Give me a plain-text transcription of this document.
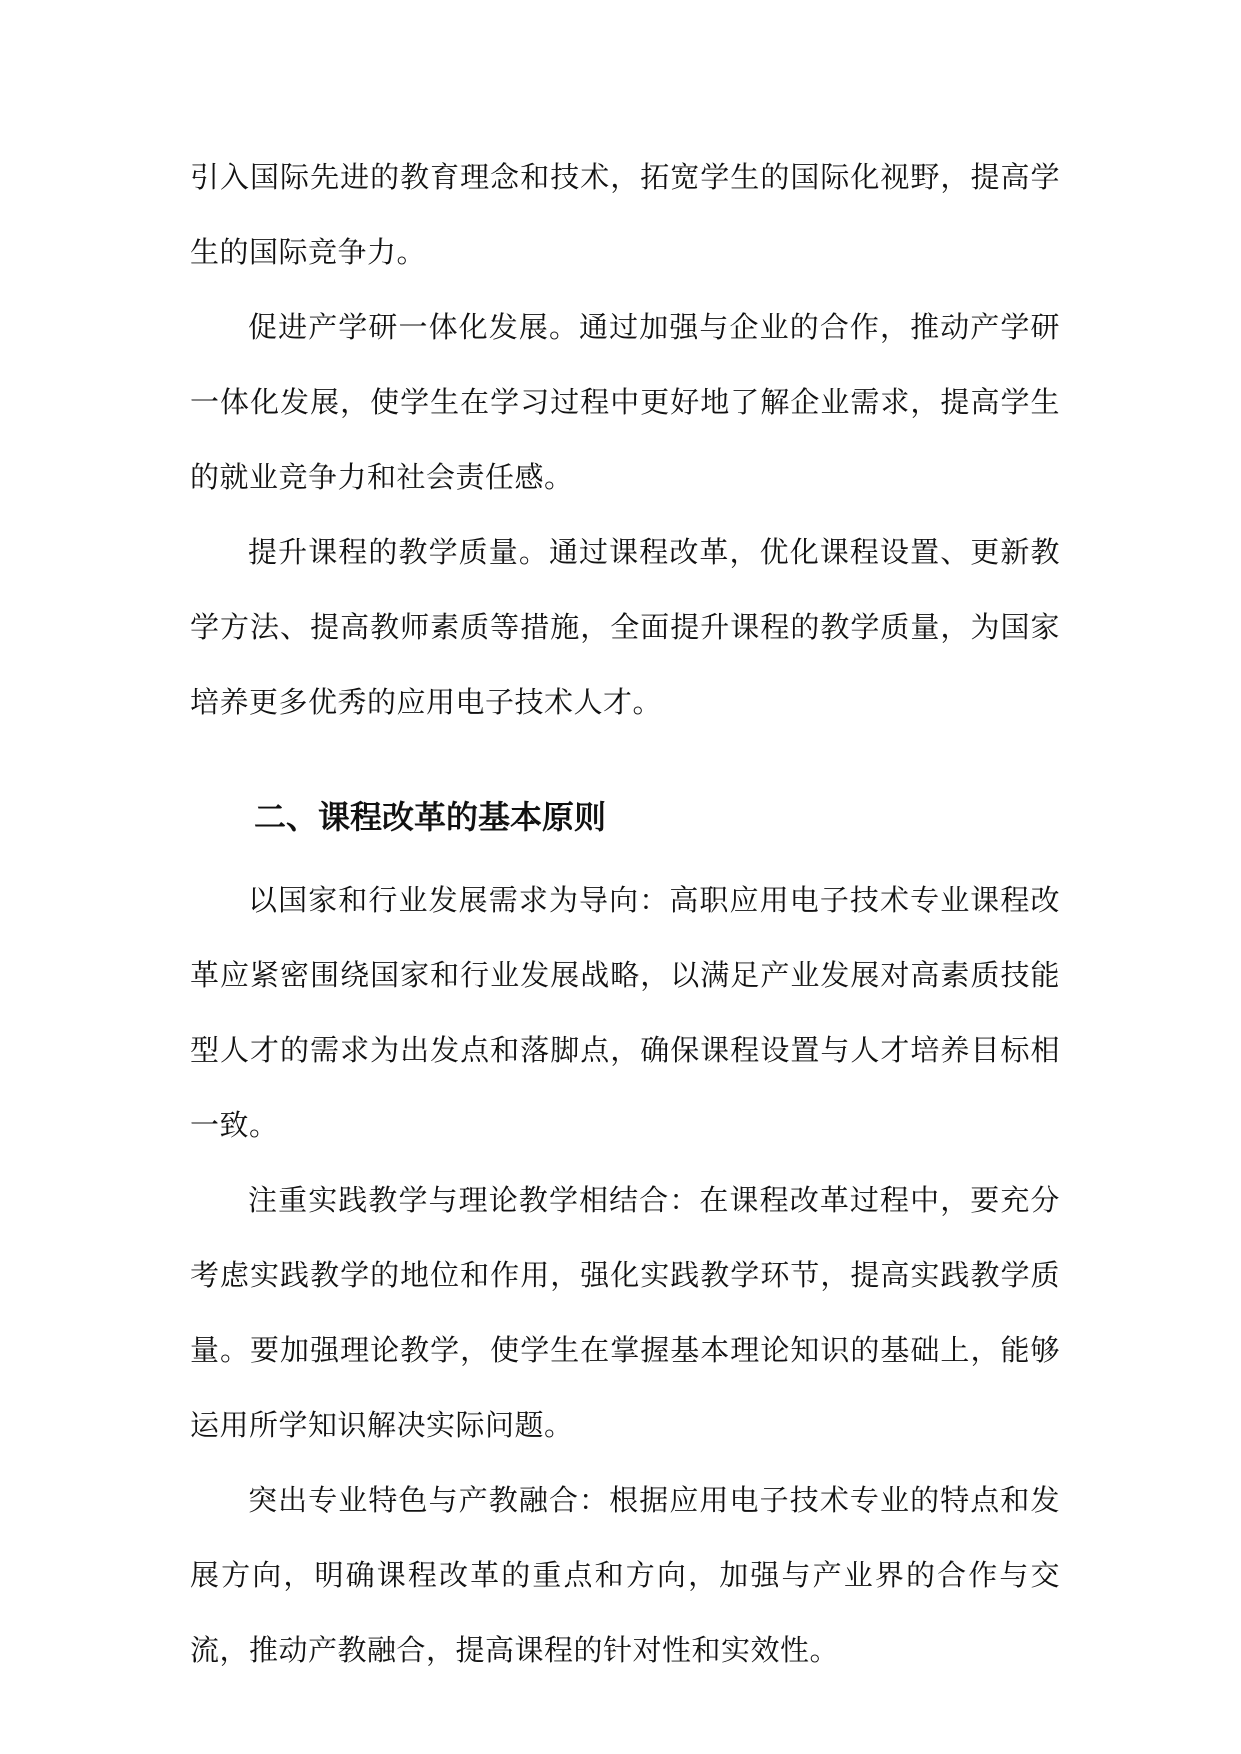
引入国际先进的教育理念和技术，拓宽学生的国际化视野，提高学生的国际竞争力。

促进产学研一体化发展。通过加强与企业的合作，推动产学研一体化发展，使学生在学习过程中更好地了解企业需求，提高学生的就业竞争力和社会责任感。

提升课程的教学质量。通过课程改革，优化课程设置、更新教学方法、提高教师素质等措施，全面提升课程的教学质量，为国家培养更多优秀的应用电子技术人才。

二、课程改革的基本原则

以国家和行业发展需求为导向：高职应用电子技术专业课程改革应紧密围绕国家和行业发展战略，以满足产业发展对高素质技能型人才的需求为出发点和落脚点，确保课程设置与人才培养目标相一致。

注重实践教学与理论教学相结合：在课程改革过程中，要充分考虑实践教学的地位和作用，强化实践教学环节，提高实践教学质量。要加强理论教学，使学生在掌握基本理论知识的基础上，能够运用所学知识解决实际问题。

突出专业特色与产教融合：根据应用电子技术专业的特点和发展方向，明确课程改革的重点和方向，加强与产业界的合作与交流，推动产教融合，提高课程的针对性和实效性。
